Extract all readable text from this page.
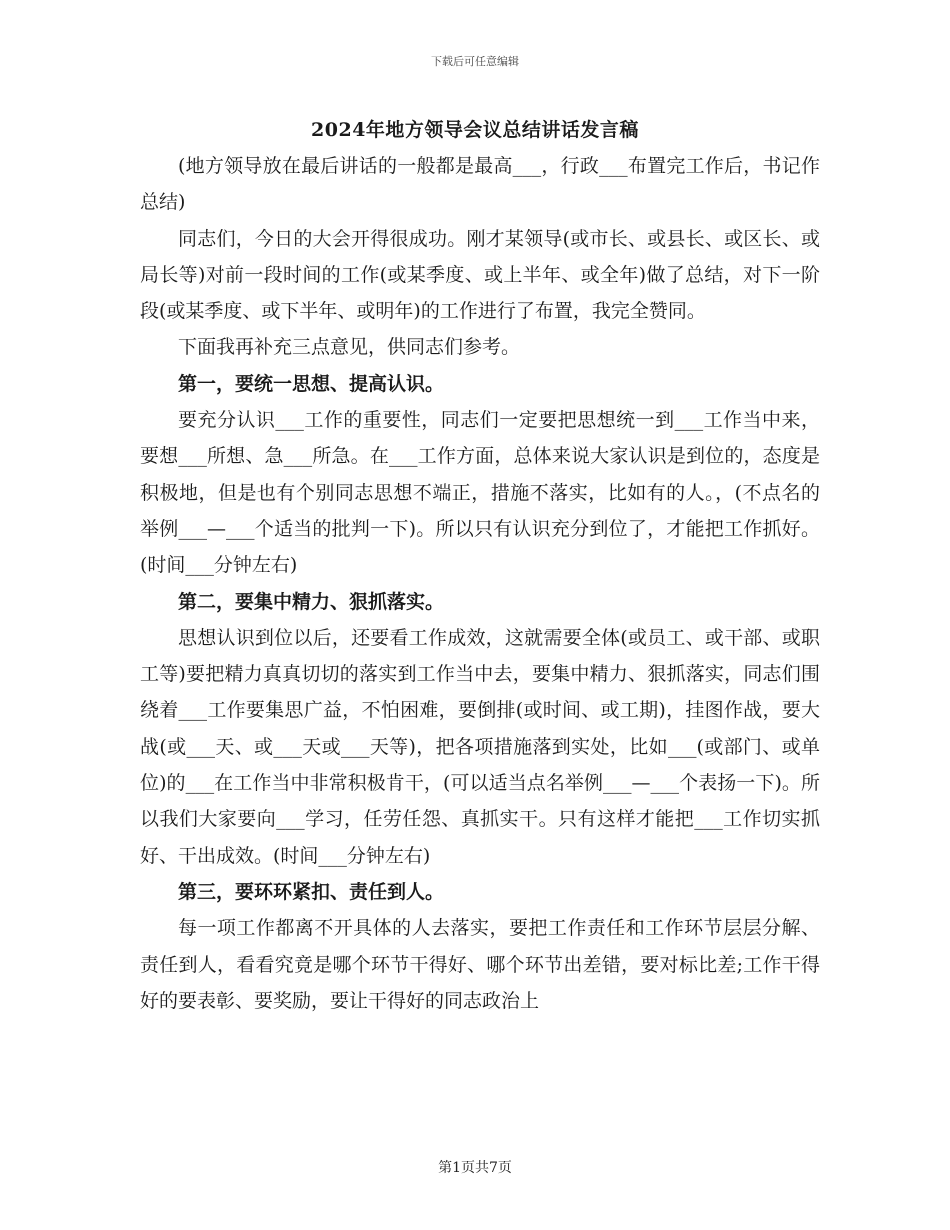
下载后可任意编辑
2024年地方领导会议总结讲话发言稿

(地方领导放在最后讲话的一般都是最高___，行政___布置完工作后，书记作总结)

同志们，今日的大会开得很成功。刚才某领导(或市长、或县长、或区长、或局长等)对前一段时间的工作(或某季度、或上半年、或全年)做了总结，对下一阶段(或某季度、或下半年、或明年)的工作进行了布置，我完全赞同。

下面我再补充三点意见，供同志们参考。

第一，要统一思想、提高认识。

要充分认识___工作的重要性，同志们一定要把思想统一到___工作当中来，要想___所想、急___所急。在___工作方面，总体来说大家认识是到位的，态度是积极地，但是也有个别同志思想不端正，措施不落实，比如有的人。，(不点名的举例___—___个适当的批判一下)。所以只有认识充分到位了，才能把工作抓好。(时间___分钟左右)

第二，要集中精力、狠抓落实。

思想认识到位以后，还要看工作成效，这就需要全体(或员工、或干部、或职工等)要把精力真真切切的落实到工作当中去，要集中精力、狠抓落实，同志们围绕着___工作要集思广益，不怕困难，要倒排(或时间、或工期)，挂图作战，要大战(或___天、或___天或___天等)，把各项措施落到实处，比如___(或部门、或单位)的___在工作当中非常积极肯干，(可以适当点名举例___—___个表扬一下)。所以我们大家要向___学习，任劳任怨、真抓实干。只有这样才能把___工作切实抓好、干出成效。(时间___分钟左右)

第三，要环环紧扣、责任到人。

每一项工作都离不开具体的人去落实，要把工作责任和工作环节层层分解、责任到人，看看究竟是哪个环节干得好、哪个环节出差错，要对标比差;工作干得好的要表彰、要奖励，要让干得好的同志政治上

第1页共7页
